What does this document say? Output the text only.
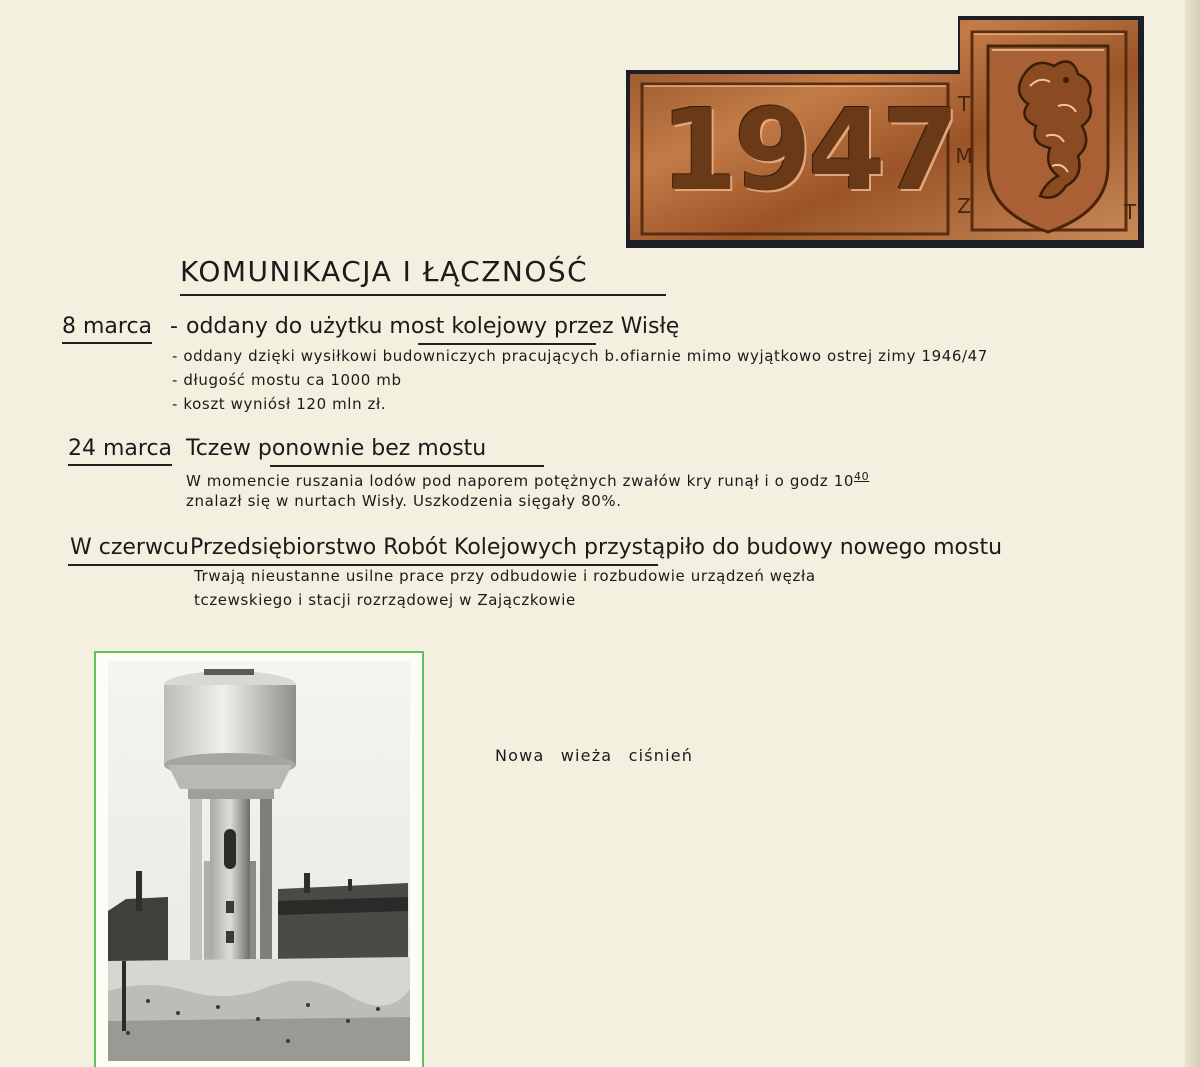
1947 T
M
Z	T
KOMUNIKACJA I ŁĄCZNOŚĆ
8 marca - oddany do użytku most kolejowy przez Wisłę
- oddany dzięki wysiłkowi budowniczych pracujących b.ofiarnie mimo wyjątkowo ostrej zimy 1946/47
- długość mostu ca 1000 mb
- koszt wyniósł 120 mln zł.
24 marca Tczew ponownie bez mostu
W momencie ruszania lodów pod naporem potężnych zwałów kry runął i o godz $10^{40}$
znalazł się w nurtach Wisły. Uszkodzenia sięgały 80%.
W czerwcu Przedsiębiorstwo Robót Kolejowych przystąpiło do budowy nowego mostu
Trwają nieustanne usilne prace przy odbudowie i rozbudowie urządzeń węzła
tczewskiego i stacji rozrządowej w Zajączkowie
Nowa wieża ciśnień
